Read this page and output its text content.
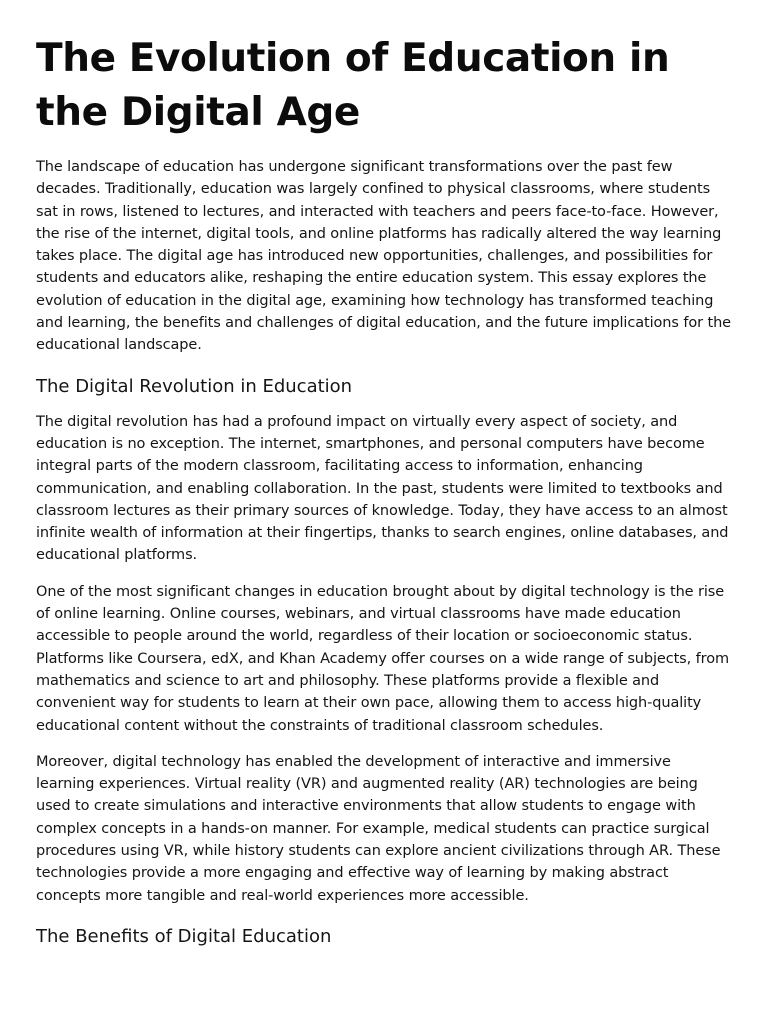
The Evolution of Education in the Digital Age

The landscape of education has undergone significant transformations over the past few decades. Traditionally, education was largely confined to physical classrooms, where students sat in rows, listened to lectures, and interacted with teachers and peers face-to-face. However, the rise of the internet, digital tools, and online platforms has radically altered the way learning takes place. The digital age has introduced new opportunities, challenges, and possibilities for students and educators alike, reshaping the entire education system. This essay explores the evolution of education in the digital age, examining how technology has transformed teaching and learning, the benefits and challenges of digital education, and the future implications for the educational landscape.

The Digital Revolution in Education

The digital revolution has had a profound impact on virtually every aspect of society, and education is no exception. The internet, smartphones, and personal computers have become integral parts of the modern classroom, facilitating access to information, enhancing communication, and enabling collaboration. In the past, students were limited to textbooks and classroom lectures as their primary sources of knowledge. Today, they have access to an almost infinite wealth of information at their fingertips, thanks to search engines, online databases, and educational platforms.

One of the most significant changes in education brought about by digital technology is the rise of online learning. Online courses, webinars, and virtual classrooms have made education accessible to people around the world, regardless of their location or socioeconomic status. Platforms like Coursera, edX, and Khan Academy offer courses on a wide range of subjects, from mathematics and science to art and philosophy. These platforms provide a flexible and convenient way for students to learn at their own pace, allowing them to access high-quality educational content without the constraints of traditional classroom schedules.

Moreover, digital technology has enabled the development of interactive and immersive learning experiences. Virtual reality (VR) and augmented reality (AR) technologies are being used to create simulations and interactive environments that allow students to engage with complex concepts in a hands-on manner. For example, medical students can practice surgical procedures using VR, while history students can explore ancient civilizations through AR. These technologies provide a more engaging and effective way of learning by making abstract concepts more tangible and real-world experiences more accessible.

The Benefits of Digital Education
